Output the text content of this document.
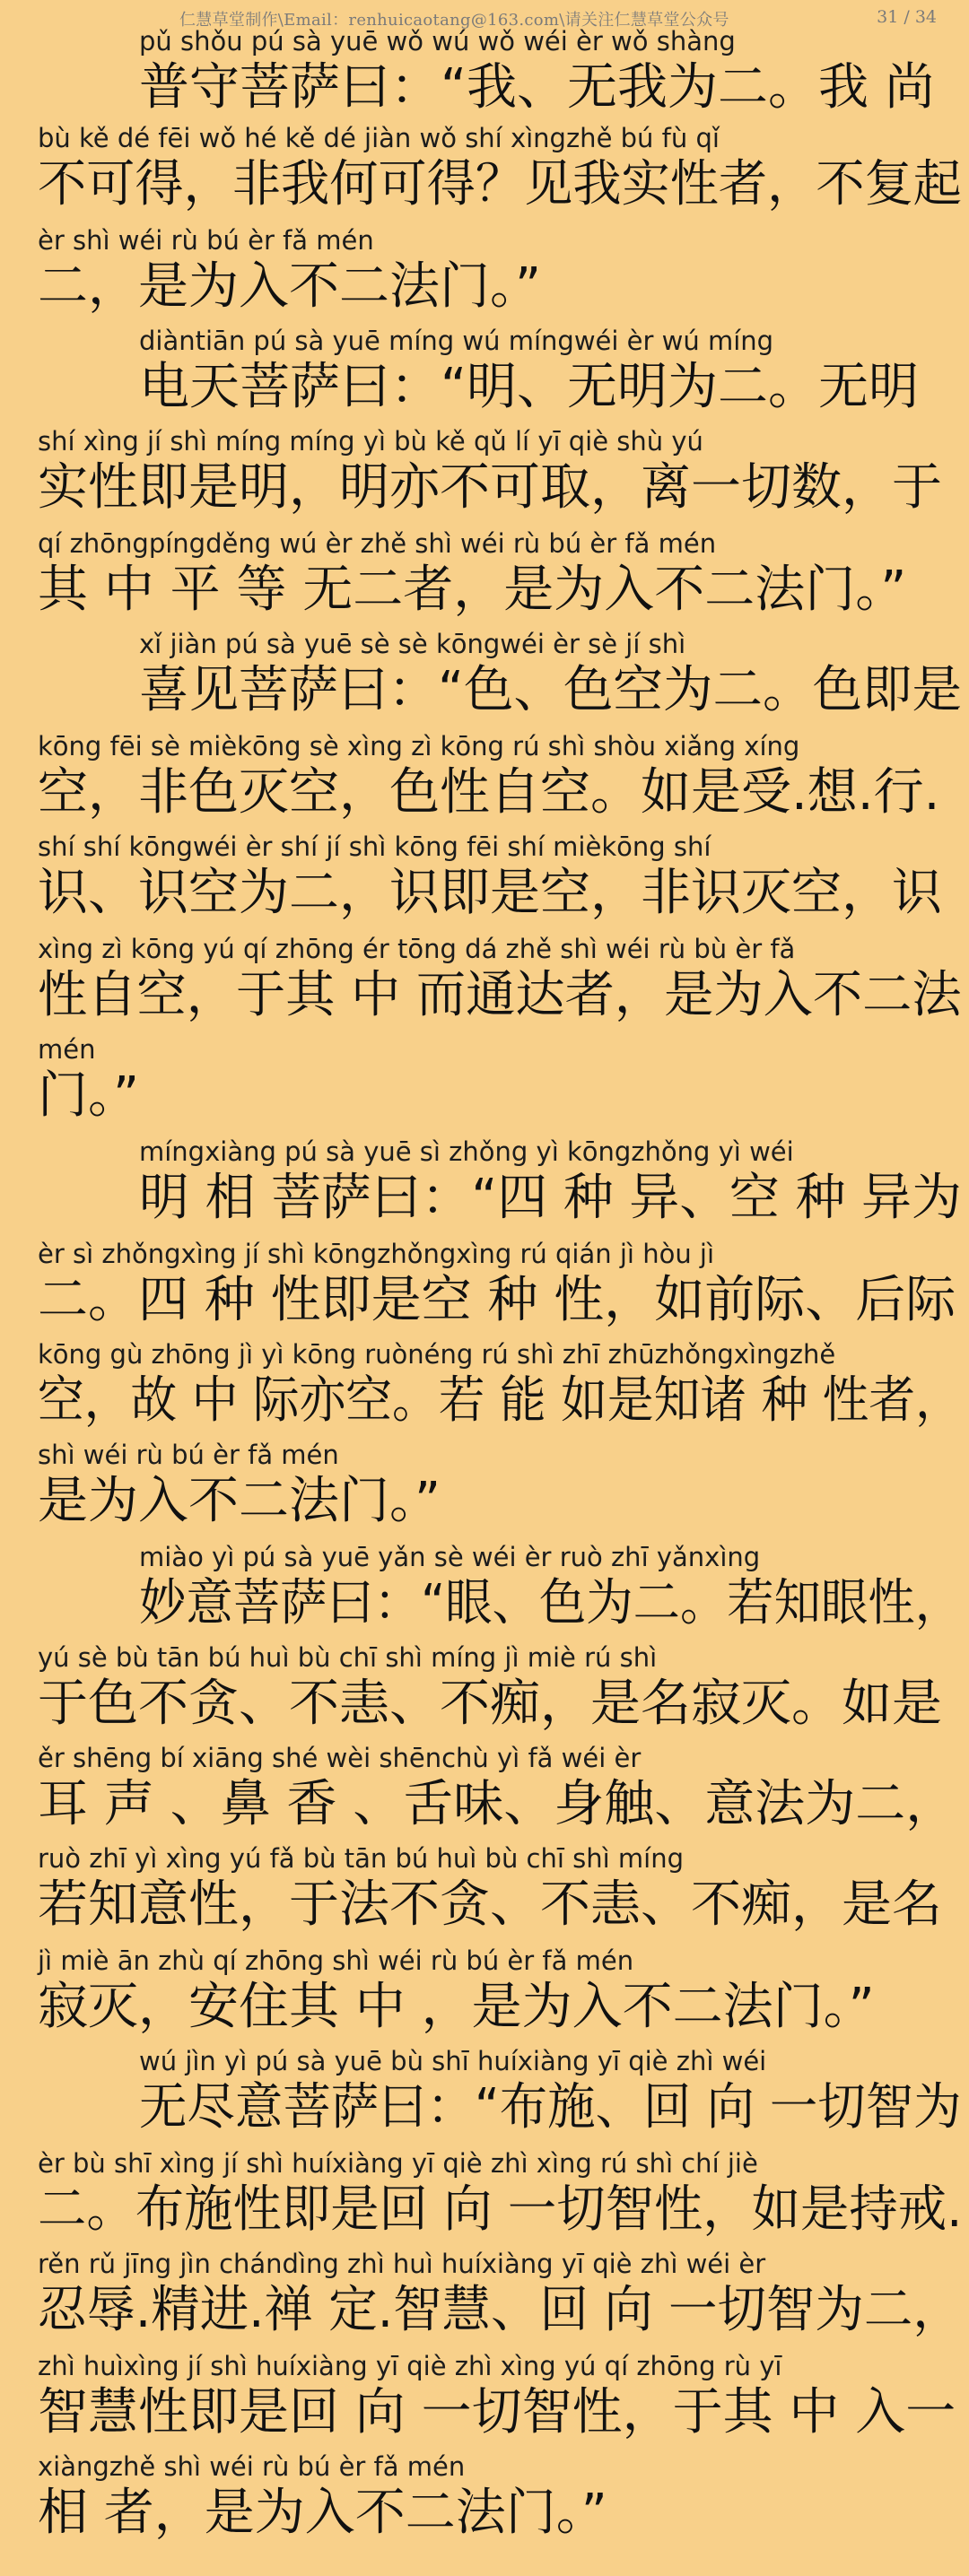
仁慧草堂制作\Email：renhuicaotang@163.com\请关注仁慧草堂公众号	31 / 34
pǔ shǒu pú sà yuē wǒ wú wǒ wéi èr wǒ shàng
普守菩萨曰：“我、无我为二。我 尚
bù kě dé fēi wǒ hé kě dé jiàn wǒ shí xìngzhě bú fù qǐ
不可得，非我何可得？见我实性者，不复起
èr shì wéi rù bú èr fǎ mén
二，是为入不二法门。”
diàntiān pú sà yuē míng wú míngwéi èr wú míng
电天菩萨曰：“明、无明为二。无明
shí xìng jí shì míng míng yì bù kě qǔ lí yī qiè shù yú
实性即是明，明亦不可取，离一切数，于
qí zhōngpíngděng wú èr zhě shì wéi rù bú èr fǎ mén
其 中 平 等 无二者，是为入不二法门。”
xǐ jiàn pú sà yuē sè sè kōngwéi èr sè jí shì
喜见菩萨曰：“色、色空为二。色即是
kōng fēi sè mièkōng sè xìng zì kōng rú shì shòu xiǎng xíng
空，非色灭空，色性自空。如是受.想.行.
shí shí kōngwéi èr shí jí shì kōng fēi shí mièkōng shí
识、识空为二，识即是空，非识灭空，识
xìng zì kōng yú qí zhōng ér tōng dá zhě shì wéi rù bù èr fǎ
性自空，于其 中 而通达者，是为入不二法
mén
门。”
míngxiàng pú sà yuē sì zhǒng yì kōngzhǒng yì wéi
明 相 菩萨曰：“四 种 异、空 种 异为
èr sì zhǒngxìng jí shì kōngzhǒngxìng rú qián jì hòu jì
二。四 种 性即是空 种 性，如前际、后际
kōng gù zhōng jì yì kōng ruònéng rú shì zhī zhūzhǒngxìngzhě
空，故 中 际亦空。若 能 如是知诸 种 性者，
shì wéi rù bú èr fǎ mén
是为入不二法门。”
miào yì pú sà yuē yǎn sè wéi èr ruò zhī yǎnxìng
妙意菩萨曰：“眼、色为二。若知眼性，
yú sè bù tān bú huì bù chī shì míng jì miè rú shì
于色不贪、不恚、不痴，是名寂灭。如是
ěr shēng bí xiāng shé wèi shēnchù yì fǎ wéi èr
耳 声 、鼻 香 、舌味、身触、意法为二，
ruò zhī yì xìng yú fǎ bù tān bú huì bù chī shì míng
若知意性，于法不贪、不恚、不痴，是名
jì miè ān zhù qí zhōng shì wéi rù bú èr fǎ mén
寂灭，安住其 中 ，是为入不二法门。”
wú jìn yì pú sà yuē bù shī huíxiàng yī qiè zhì wéi
无尽意菩萨曰：“布施、回 向 一切智为
èr bù shī xìng jí shì huíxiàng yī qiè zhì xìng rú shì chí jiè
二。布施性即是回 向 一切智性，如是持戒.
rěn rǔ jīng jìn chándìng zhì huì huíxiàng yī qiè zhì wéi èr
忍辱.精进.禅 定.智慧、回 向 一切智为二，
zhì huìxìng jí shì huíxiàng yī qiè zhì xìng yú qí zhōng rù yī
智慧性即是回 向 一切智性，于其 中 入一
xiàngzhě shì wéi rù bú èr fǎ mén
相 者，是为入不二法门。”
